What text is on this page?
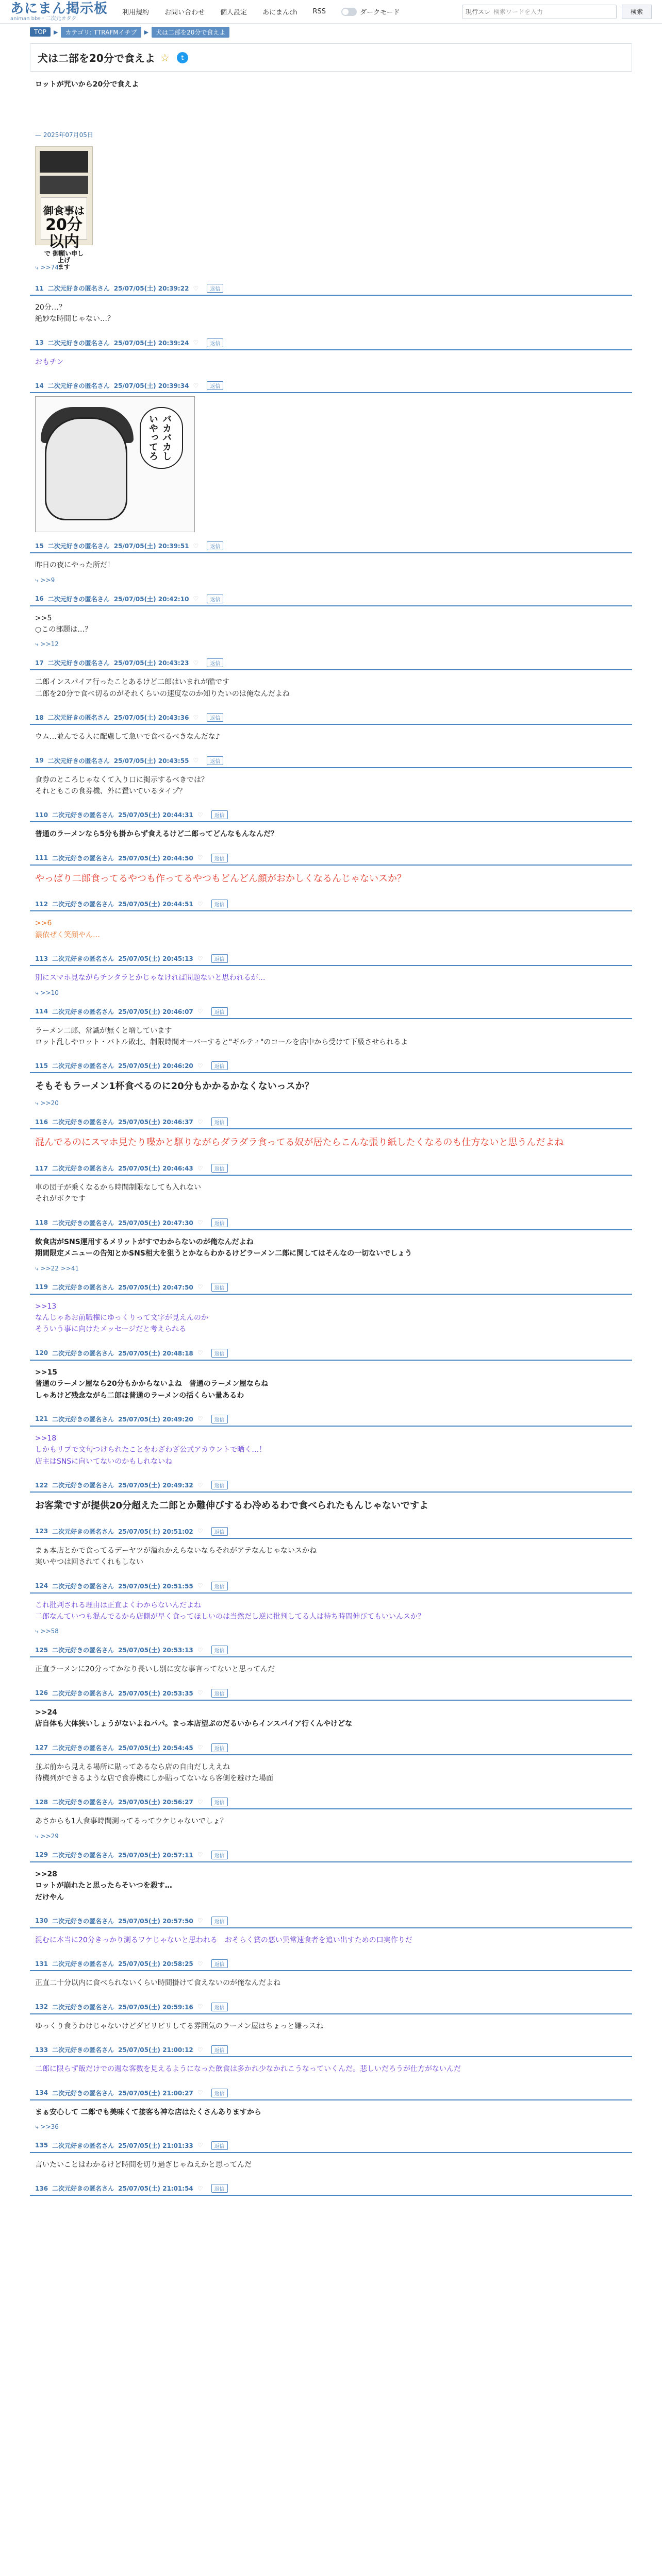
あにまん掲示板
animan bbs・二次元オタク
利用規約 お問い合わせ 個人設定 あにまんch RSS	ダークモード	現行スレ 検索ワードを入力	検索
TOP	▶	カテゴリ: TTRAFMイチブ	▶	犬は二部を20分で食えよ
犬は二部を20分で食えよ ☆	t
ロットが咒いから20分で食えよ
— 2025年07月05日
御食事は
20分以内
で 御願い申し上げ
ます
⤷ >>74
11 二次元好きの匿名さん 25/07/05(土) 20:39:22 ♡	返信
20分…？
絶妙な時間じゃない…？
13 二次元好きの匿名さん 25/07/05(土) 20:39:24 ♡	返信
おもチン
14 二次元好きの匿名さん 25/07/05(土) 20:39:34 ♡	返信
バカバカしいやってろ
15 二次元好きの匿名さん 25/07/05(土) 20:39:51 ♡	返信
昨日の夜にやった所だ！
⤷ >>9
16 二次元好きの匿名さん 25/07/05(土) 20:42:10 ♡	返信
>>5
○この部題は…？
⤷ >>12
17 二次元好きの匿名さん 25/07/05(土) 20:43:23 ♡	返信
二郎インスパイア行ったことあるけど二郎はいまれが酷です
二郎を20分で食べ切るのがそれくらいの速度なのか知りたいのは俺なんだよね
18 二次元好きの匿名さん 25/07/05(土) 20:43:36 ♡	返信
ウム…並んでる人に配慮して急いで食べるべきなんだな♪
19 二次元好きの匿名さん 25/07/05(土) 20:43:55 ♡	返信
食券のところじゃなくて入り口に掲示するべきでは？
それともこの食券機、外に置いているタイプ？
110 二次元好きの匿名さん 25/07/05(土) 20:44:31 ♡	返信
普通のラーメンなら5分も掛からず食えるけど二郎ってどんなもんなんだ？
111 二次元好きの匿名さん 25/07/05(土) 20:44:50 ♡	返信
やっぱり二郎食ってるやつも作ってるやつもどんどん顔がおかしくなるんじゃないスか？
112 二次元好きの匿名さん 25/07/05(土) 20:44:51 ♡	返信
>>6
濃依ぜく笑顔やん…
113 二次元好きの匿名さん 25/07/05(土) 20:45:13 ♡	返信
別にスマホ見ながらチンタラとかじゃなければ問題ないと思われるが…
⤷ >>10
114 二次元好きの匿名さん 25/07/05(土) 20:46:07 ♡	返信
ラーメン二郎、常識が無くと増しています
ロット乱しやロット・バトル敗北、制限時間オーバーすると"ギルティ"のコールを店中から受けて下級させられるよ
115 二次元好きの匿名さん 25/07/05(土) 20:46:20 ♡	返信
そもそもラーメン1杯食べるのに20分もかかるかなくないっスか？
⤷ >>20
116 二次元好きの匿名さん 25/07/05(土) 20:46:37 ♡	返信
混んでるのにスマホ見たり喋かと駆りながらダラダラ食ってる奴が居たらこんな張り紙したくなるのも仕方ないと思うんだよね
117 二次元好きの匿名さん 25/07/05(土) 20:46:43 ♡	返信
車の団子が乗くなるから時間制限なしても入れない
それがボクです
118 二次元好きの匿名さん 25/07/05(土) 20:47:30 ♡	返信
飲食店がSNS運用するメリットがすでわからないのが俺なんだよね
期間限定メニューの告知とかSNS相大を狙うとかならわかるけどラーメン二郎に関してはそんなの一切ないでしょう
⤷ >>22 >>41
119 二次元好きの匿名さん 25/07/05(土) 20:47:50 ♡	返信
>>13
なんじゃあお前職権にゆっくりって文字が見えんのか
そういう事に向けたメッセージだと考えられる
120 二次元好きの匿名さん 25/07/05(土) 20:48:18 ♡	返信
>>15
普通のラーメン屋なら20分もかからないよね　普通のラーメン屋ならね
しゃあけど残念ながら二郎は普通のラーメンの括くらい量あるわ
121 二次元好きの匿名さん 25/07/05(土) 20:49:20 ♡	返信
>>18
しかもリプで文句つけられたことをわざわざ公式アカウントで晒く…！
店主はSNSに向いてないのかもしれないね
122 二次元好きの匿名さん 25/07/05(土) 20:49:32 ♡	返信
お客業ですが提供20分超えた二郎とか難伸びするわ冷めるわで食べられたもんじゃないですよ
123 二次元好きの匿名さん 25/07/05(土) 20:51:02 ♡	返信
まぁ本店とかで食ってるデーヤツが溢れかえらないならそれがアテなんじゃないスかね
実いやつは回されてくれもしない
124 二次元好きの匿名さん 25/07/05(土) 20:51:55 ♡	返信
これ批判される理由は正直よくわからないんだよね
二郎なんていつも混んでるから店側が早く食ってほしいのは当然だし逆に批判してる人は待ち時間伸びてもいいんスか？
⤷ >>58
125 二次元好きの匿名さん 25/07/05(土) 20:53:13 ♡	返信
正直ラーメンに20分ってかなり長いし別に安な事言ってないと思ってんだ
126 二次元好きの匿名さん 25/07/05(土) 20:53:35 ♡	返信
>>24
店自体も大体狭いしょうがないよねパパ。まっ本店望ぷのだるいからインスパイア行くんやけどな
127 二次元好きの匿名さん 25/07/05(土) 20:54:45 ♡	返信
並ぶ前から見える場所に貼ってあるなら店の自由だしええね
待機列ができるような店で食券機にしか貼ってないなら客側を避けた場面
128 二次元好きの匿名さん 25/07/05(土) 20:56:27 ♡	返信
あさからも1人食事時間測ってるってウケじゃないでしょ？
⤷ >>29
129 二次元好きの匿名さん 25/07/05(土) 20:57:11 ♡	返信
>>28
ロットが崩れたと思ったらそいつを殺す…
だけやん
130 二次元好きの匿名さん 25/07/05(土) 20:57:50 ♡	返信
混むに本当に20分きっかり測るワケじゃないと思われる　おそらく賞の悪い異常速食者を追い出すための口実作りだ
131 二次元好きの匿名さん 25/07/05(土) 20:58:25 ♡	返信
正直二十分以内に食べられないくらい時間掛けて食えないのが俺なんだよね
132 二次元好きの匿名さん 25/07/05(土) 20:59:16 ♡	返信
ゆっくり食うわけじゃないけどダビリビリしてる雰囲気のラーメン屋はちょっと嫌っスね
133 二次元好きの匿名さん 25/07/05(土) 21:00:12 ♡	返信
二郎に限らず飯だけでの週な客数を見えるようになった飲食は多かれ少なかれこうなっていくんだ。悲しいだろうが仕方がないんだ
134 二次元好きの匿名さん 25/07/05(土) 21:00:27 ♡	返信
まぁ安心して 二郎でも美味くて接客も神な店はたくさんありますから
⤷ >>36
135 二次元好きの匿名さん 25/07/05(土) 21:01:33 ♡	返信
言いたいことはわかるけど時間を切り過ぎじゃねえかと思ってんだ
136 二次元好きの匿名さん 25/07/05(土) 21:01:54 ♡	返信
